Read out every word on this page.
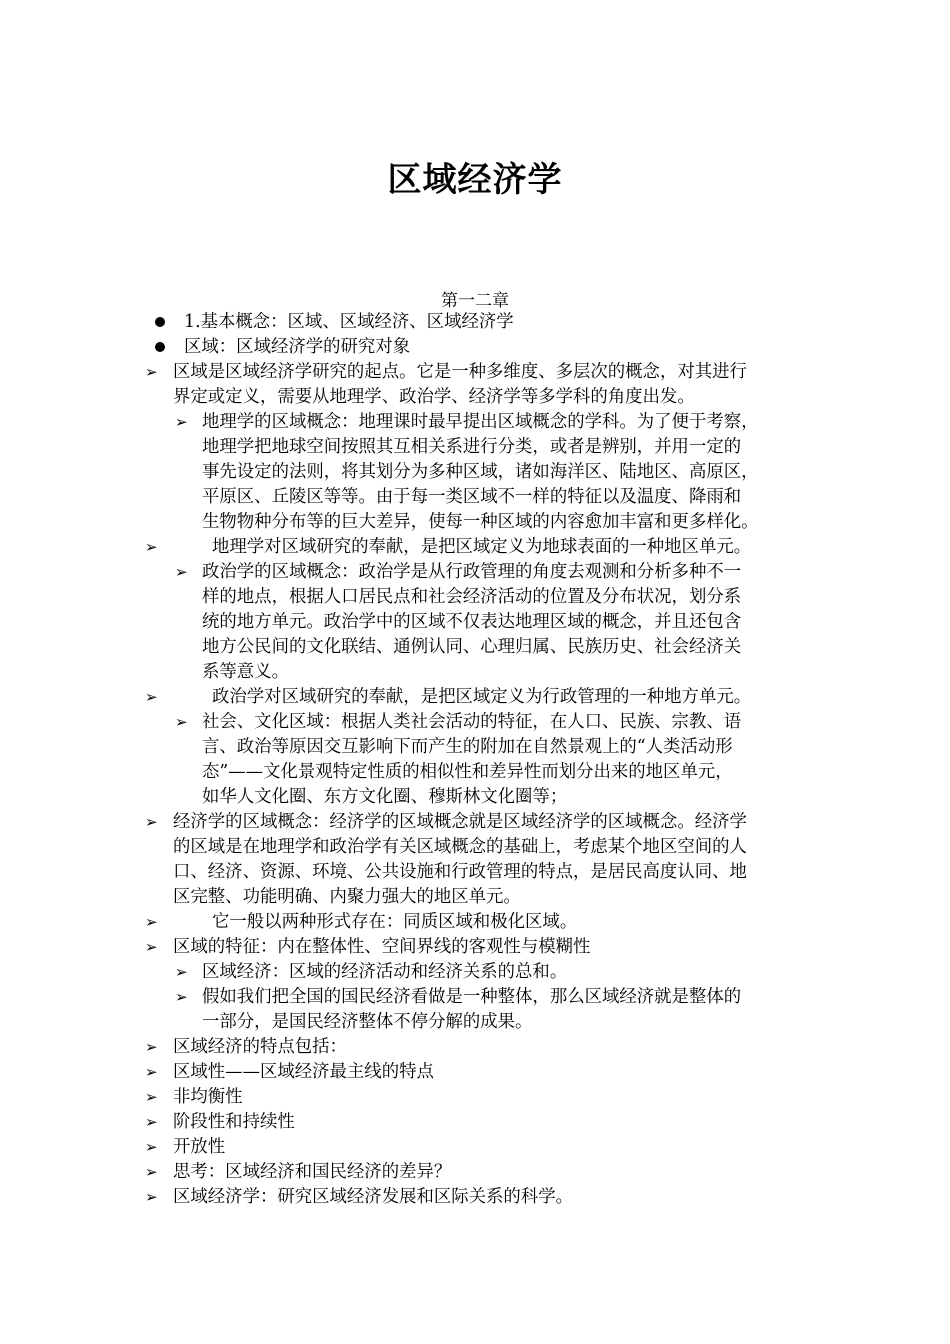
区域经济学
第一二章
1.基本概念：区域、区域经济、区域经济学
区域：区域经济学的研究对象
➢ 区域是区域经济学研究的起点。它是一种多维度、多层次的概念，对其进行
界定或定义，需要从地理学、政治学、经济学等多学科的角度出发。
➢ 地理学的区域概念：地理课时最早提出区域概念的学科。为了便于考察，
地理学把地球空间按照其互相关系进行分类，或者是辨别，并用一定的
事先设定的法则，将其划分为多种区域，诸如海洋区、陆地区、高原区，
平原区、丘陵区等等。由于每一类区域不一样的特征以及温度、降雨和
生物物种分布等的巨大差异，使每一种区域的内容愈加丰富和更多样化。
➢	地理学对区域研究的奉献，是把区域定义为地球表面的一种地区单元。
➢ 政治学的区域概念：政治学是从行政管理的角度去观测和分析多种不一
样的地点，根据人口居民点和社会经济活动的位置及分布状况，划分系
统的地方单元。政治学中的区域不仅表达地理区域的概念，并且还包含
地方公民间的文化联结、通例认同、心理归属、民族历史、社会经济关
系等意义。
➢	政治学对区域研究的奉献，是把区域定义为行政管理的一种地方单元。
➢ 社会、文化区域：根据人类社会活动的特征，在人口、民族、宗教、语
言、政治等原因交互影响下而产生的附加在自然景观上的“人类活动形
态”——文化景观特定性质的相似性和差异性而划分出来的地区单元，
如华人文化圈、东方文化圈、穆斯林文化圈等；
➢ 经济学的区域概念：经济学的区域概念就是区域经济学的区域概念。经济学
的区域是在地理学和政治学有关区域概念的基础上，考虑某个地区空间的人
口、经济、资源、环境、公共设施和行政管理的特点，是居民高度认同、地
区完整、功能明确、内聚力强大的地区单元。
➢	它一般以两种形式存在：同质区域和极化区域。
➢ 区域的特征：内在整体性、空间界线的客观性与模糊性
➢ 区域经济：区域的经济活动和经济关系的总和。
➢ 假如我们把全国的国民经济看做是一种整体，那么区域经济就是整体的
一部分，是国民经济整体不停分解的成果。
➢ 区域经济的特点包括：
➢ 区域性——区域经济最主线的特点
➢ 非均衡性
➢ 阶段性和持续性
➢ 开放性
➢ 思考：区域经济和国民经济的差异？
➢ 区域经济学：研究区域经济发展和区际关系的科学。
